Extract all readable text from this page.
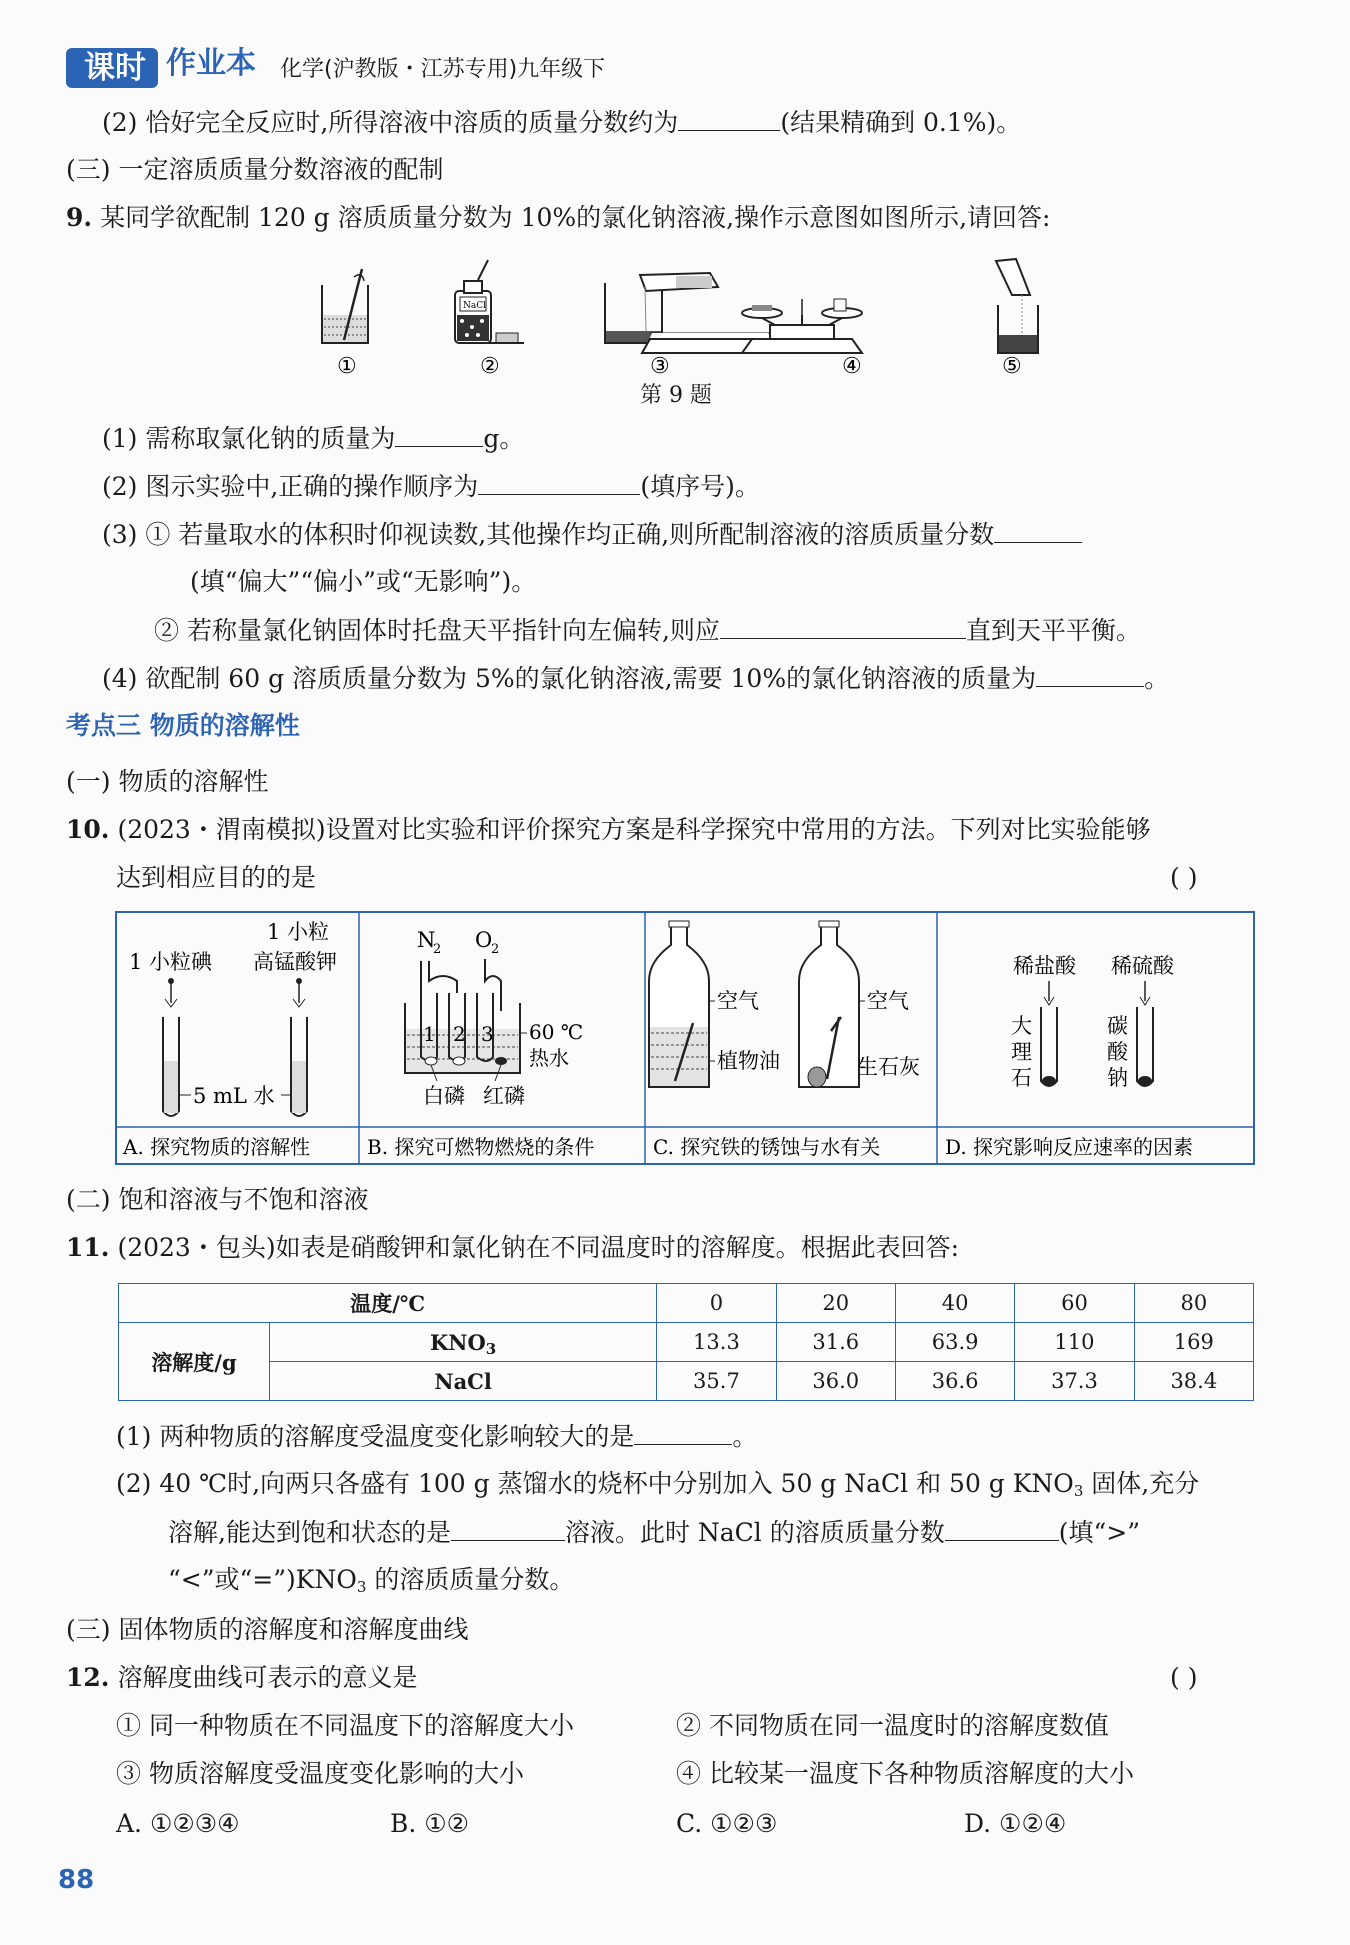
课时 作业本 化学(沪教版・江苏专用)九年级下
(2) 恰好完全反应时,所得溶液中溶质的质量分数约为	(结果精确到 0.1%)。
(三) 一定溶质质量分数溶液的配制
9. 某同学欲配制 120 g 溶质质量分数为 10%的氯化钠溶液,操作示意图如图所示,请回答:
NaCl
①	②	③	④	⑤
第 9 题
(1) 需称取氯化钠的质量为	g。
(2) 图示实验中,正确的操作顺序为	(填序号)。
(3) ① 若量取水的体积时仰视读数,其他操作均正确,则所配制溶液的溶质质量分数
(填“偏大”“偏小”或“无影响”)。
② 若称量氯化钠固体时托盘天平指针向左偏转,则应	直到天平平衡。
(4) 欲配制 60 g 溶质质量分数为 5%的氯化钠溶液,需要 10%的氯化钠溶液的质量为	。
考点三 物质的溶解性
(一) 物质的溶解性
10. (2023・渭南模拟)设置对比实验和评价探究方案是科学探究中常用的方法。下列对比实验能够
达到相应目的的是	( )
1 小粒碘
1 小粒
高锰酸钾
5 mL 水
A. 探究物质的溶解性
N
2 O
2
1 2 3 60 ℃
热水
白磷 红磷
B. 探究可燃物燃烧的条件
空气
植物油
空气
生石灰
C. 探究铁的锈蚀与水有关
稀盐酸 稀硫酸
大
理
石
碳
酸
钠
D. 探究影响反应速率的因素
(二) 饱和溶液与不饱和溶液
11. (2023・包头)如表是硝酸钾和氯化钠在不同温度时的溶解度。根据此表回答:
温度/℃		0	20	40	60	80
溶解度/g	$KNO_3$	13.3	31.6	63.9	110	169
	NaCl	35.7	36.0	36.6	37.3	38.4
(1) 两种物质的溶解度受温度变化影响较大的是	。
(2) 40 ℃时,向两只各盛有 100 g 蒸馏水的烧杯中分别加入 50 g NaCl 和 50 g $KNO_3$ 固体,充分
溶解,能达到饱和状态的是	溶液。此时 NaCl 的溶质质量分数	(填“>”
“<”或“$=”)KNO_3$ 的溶质质量分数。
(三) 固体物质的溶解度和溶解度曲线
12. 溶解度曲线可表示的意义是	( )
① 同一种物质在不同温度下的溶解度大小	② 不同物质在同一温度时的溶解度数值
③ 物质溶解度受温度变化影响的大小	④ 比较某一温度下各种物质溶解度的大小
A. ①②③④	B. ①②	C. ①②③	D. ①②④
88
